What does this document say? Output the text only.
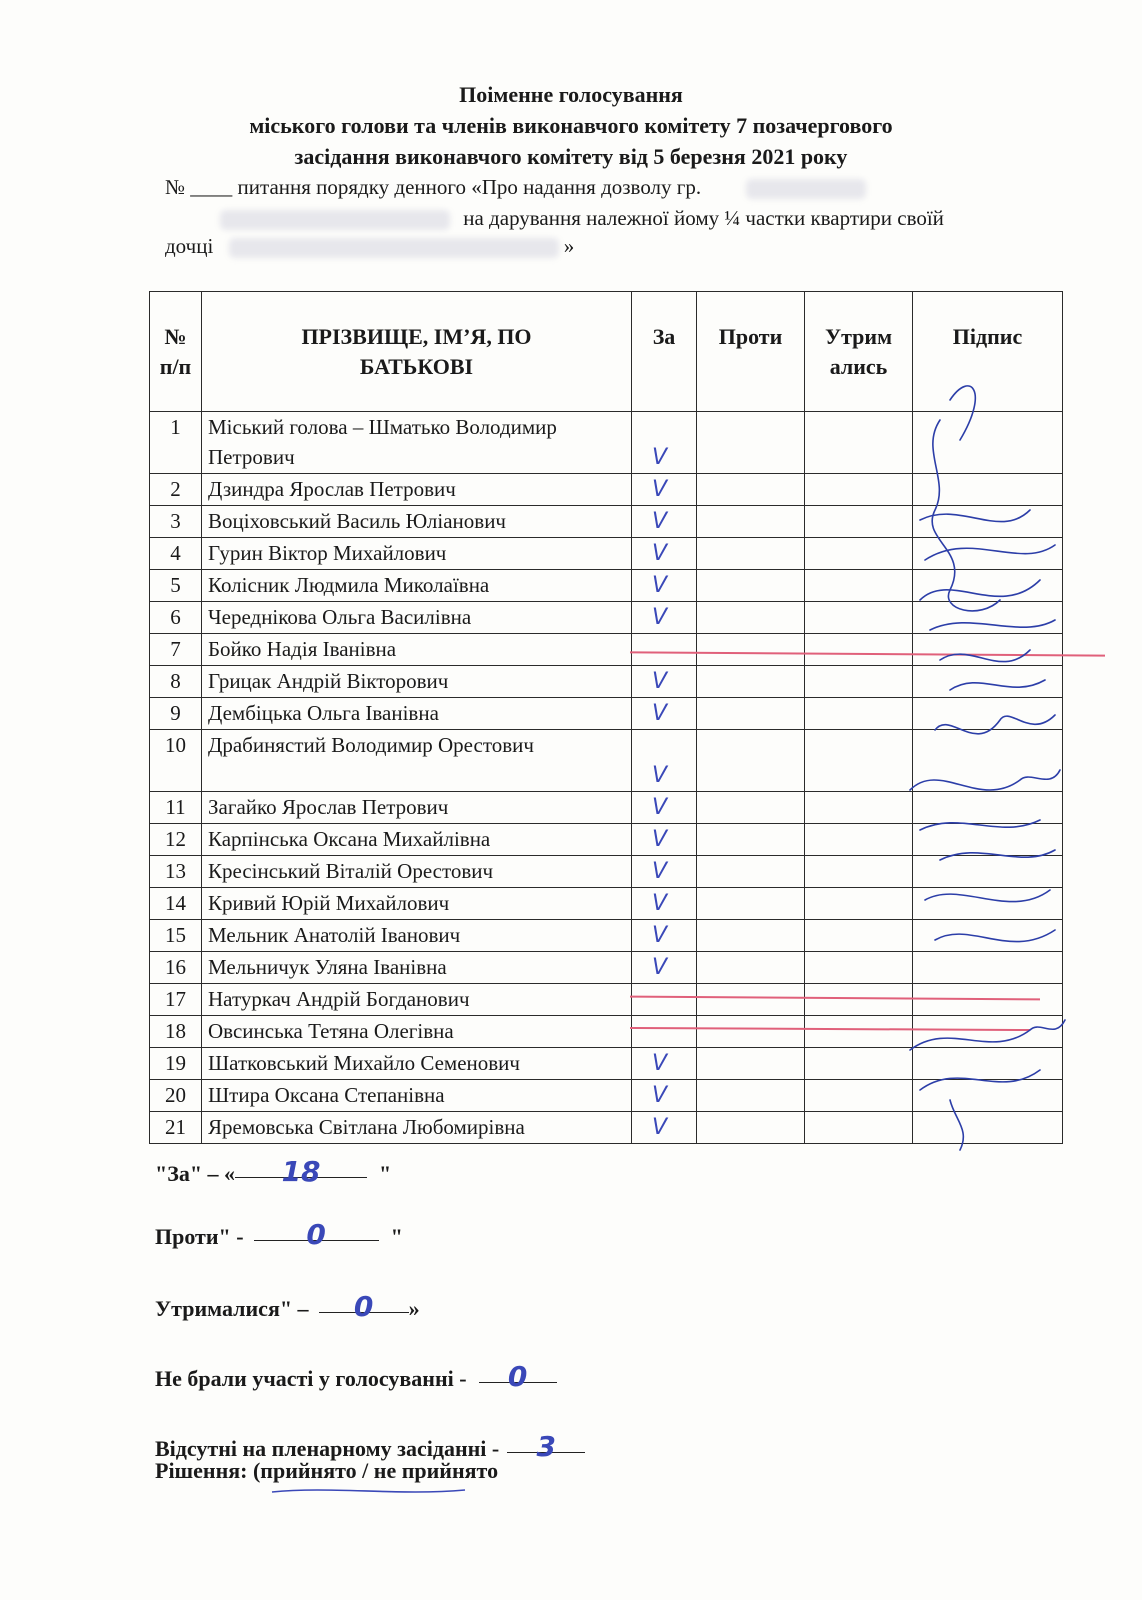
Поіменне голосування
міського голови та членів виконавчого комітету 7 позачергового
засідання виконавчого комітету від 5 березня 2021 року
№ ____ питання порядку денного «Про надання дозволу гр.
на дарування належної йому ¼ частки квартири своїй
дочці	»
№ п/п	ПРІЗВИЩЕ, ІМ’Я, ПО БАТЬКОВІ	За	Проти	Утрим ались	Підпис
1	Міський голова – Шматько Володимир Петрович	V			
2	Дзиндра Ярослав Петрович	V			
3	Воціховський Василь Юліанович	V			
4	Гурин Віктор Михайлович	V			
5	Колісник Людмила Миколаївна	V			
6	Череднікова Ольга Василівна	V			
7	Бойко Надія Іванівна				
8	Грицак Андрій Вікторович	V			
9	Дембіцька Ольга Іванівна	V			
10	Драбинястий Володимир Орестович	V			
11	Загайко Ярослав Петрович	V			
12	Карпінська Оксана Михайлівна	V			
13	Кресінський Віталій Орестович	V			
14	Кривий Юрій Михайлович	V			
15	Мельник Анатолій Іванович	V			
16	Мельничук Уляна Іванівна	V			
17	Натуркач Андрій Богданович				
18	Овсинська Тетяна Олегівна				
19	Шатковський Михайло Семенович	V			
20	Штира Оксана Степанівна	V			
21	Яремовська Світлана Любомирівна	V			
"За" – « 18	"
Проти" - 0	"
Утрималися" – 0 »
Не брали участі у голосуванні - 0
Відсутні на пленарному засіданні - 3
Рішення: (прийнято / не прийнято
